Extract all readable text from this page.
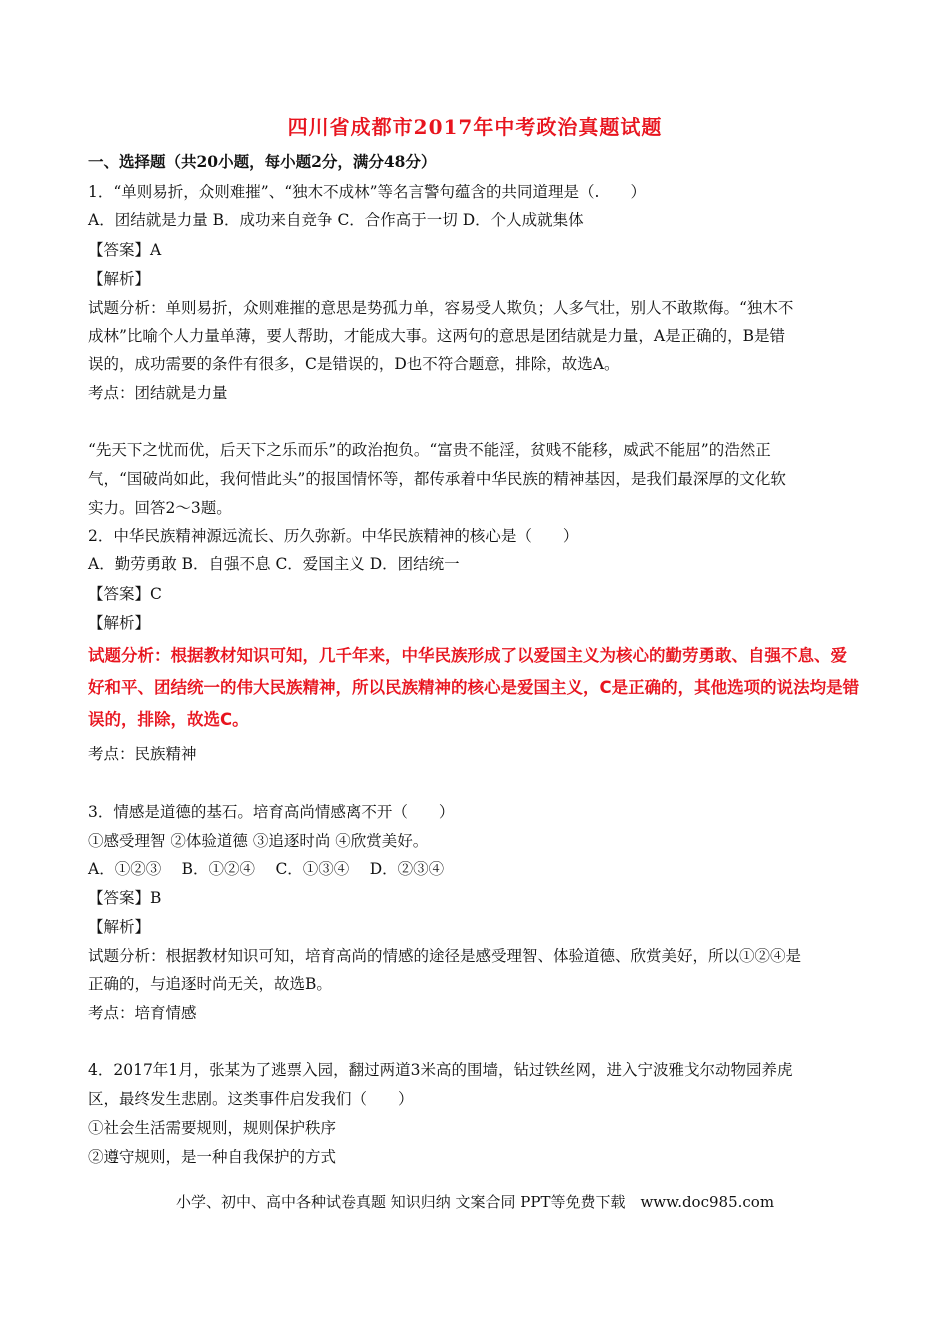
四川省成都市2017年中考政治真题试题
一、选择题（共20小题，每小题2分，满分48分）
1．“单则易折，众则难摧”、“独木不成林”等名言警句蕴含的共同道理是（.　　）
A．团结就是力量 B．成功来自竞争 C．合作高于一切 D．个人成就集体
【答案】A
【解析】
试题分析：单则易折，众则难摧的意思是势孤力单，容易受人欺负；人多气壮，别人不敢欺侮。“独木不
成林”比喻个人力量单薄，要人帮助，才能成大事。这两句的意思是团结就是力量，A是正确的，B是错
误的，成功需要的条件有很多，C是错误的，D也不符合题意，排除，故选A。
考点：团结就是力量
“先天下之忧而优，后天下之乐而乐”的政治抱负。“富贵不能淫，贫贱不能移，威武不能屈”的浩然正
气，“国破尚如此，我何惜此头”的报国情怀等，都传承着中华民族的精神基因，是我们最深厚的文化软
实力。回答2～3题。
2．中华民族精神源远流长、历久弥新。中华民族精神的核心是（　　）
A．勤劳勇敢 B．自强不息 C．爱国主义 D．团结统一
【答案】C
【解析】
试题分析：根据教材知识可知，几千年来，中华民族形成了以爱国主义为核心的勤劳勇敢、自强不息、爱
好和平、团结统一的伟大民族精神，所以民族精神的核心是爱国主义，C是正确的，其他选项的说法均是错
误的，排除，故选C。
考点：民族精神
3．情感是道德的基石。培育高尚情感离不开（　　）
①感受理智 ②体验道德 ③追逐时尚 ④欣赏美好。
A．①②③　 B．①②④　 C．①③④　 D．②③④
【答案】B
【解析】
试题分析：根据教材知识可知，培育高尚的情感的途径是感受理智、体验道德、欣赏美好，所以①②④是
正确的，与追逐时尚无关，故选B。
考点：培育情感
4．2017年1月，张某为了逃票入园，翻过两道3米高的围墙，钻过铁丝网，进入宁波雅戈尔动物园养虎
区，最终发生悲剧。这类事件启发我们（　　）
①社会生活需要规则，规则保护秩序
②遵守规则，是一种自我保护的方式
小学、初中、高中各种试卷真题 知识归纳 文案合同 PPT等免费下载　www.doc985.com
